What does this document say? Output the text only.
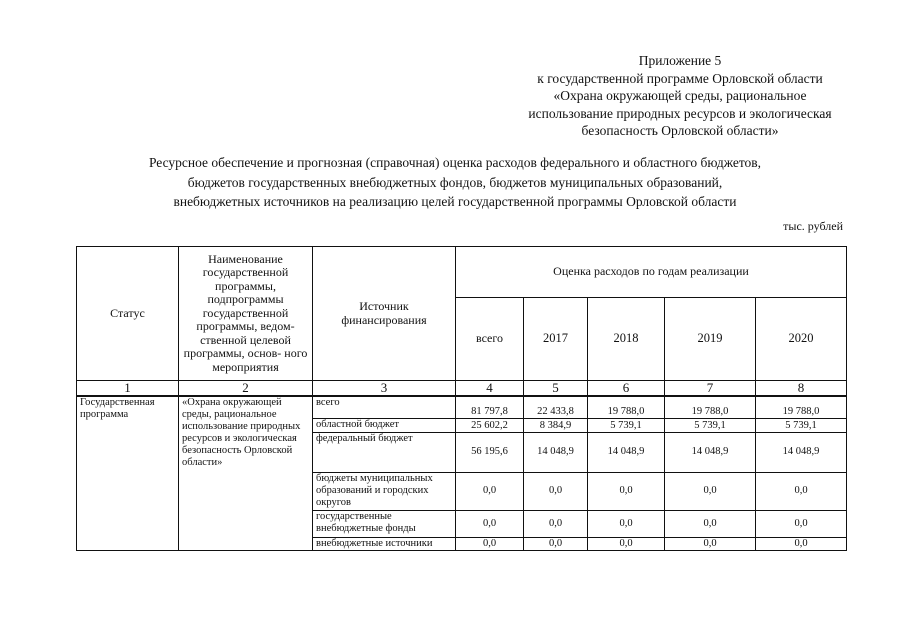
Приложение 5
к государственной программе Орловской области
«Охрана окружающей среды, рациональное
использование природных ресурсов и экологическая
безопасность Орловской области»
Ресурсное обеспечение и прогнозная (справочная) оценка расходов федерального и областного бюджетов,
бюджетов государственных внебюджетных фондов, бюджетов муниципальных образований,
внебюджетных источников на реализацию целей государственной программы Орловской области
тыс. рублей
Статус	Наименование государственной программы, подпрограммы государственной программы, ведом- ственной целевой программы, основ- ного мероприятия	Источник финансирования	Оценка расходов по годам реализации				
			всего	2017	2018	2019	2020
1	2	3	4	5	6	7	8
Государственная программа	«Охрана окружающей среды, рациональное использование природных ресурсов и экологическая безопасность Орловской области»	всего	81 797,8	22 433,8	19 788,0	19 788,0	19 788,0
		областной бюджет	25 602,2	8 384,9	5 739,1	5 739,1	5 739,1
		федеральный бюджет	56 195,6	14 048,9	14 048,9	14 048,9	14 048,9
		бюджеты муниципальных образований и городских округов	0,0	0,0	0,0	0,0	0,0
		государственные внебюджетные фонды	0,0	0,0	0,0	0,0	0,0
		внебюджетные источники	0,0	0,0	0,0	0,0	0,0
